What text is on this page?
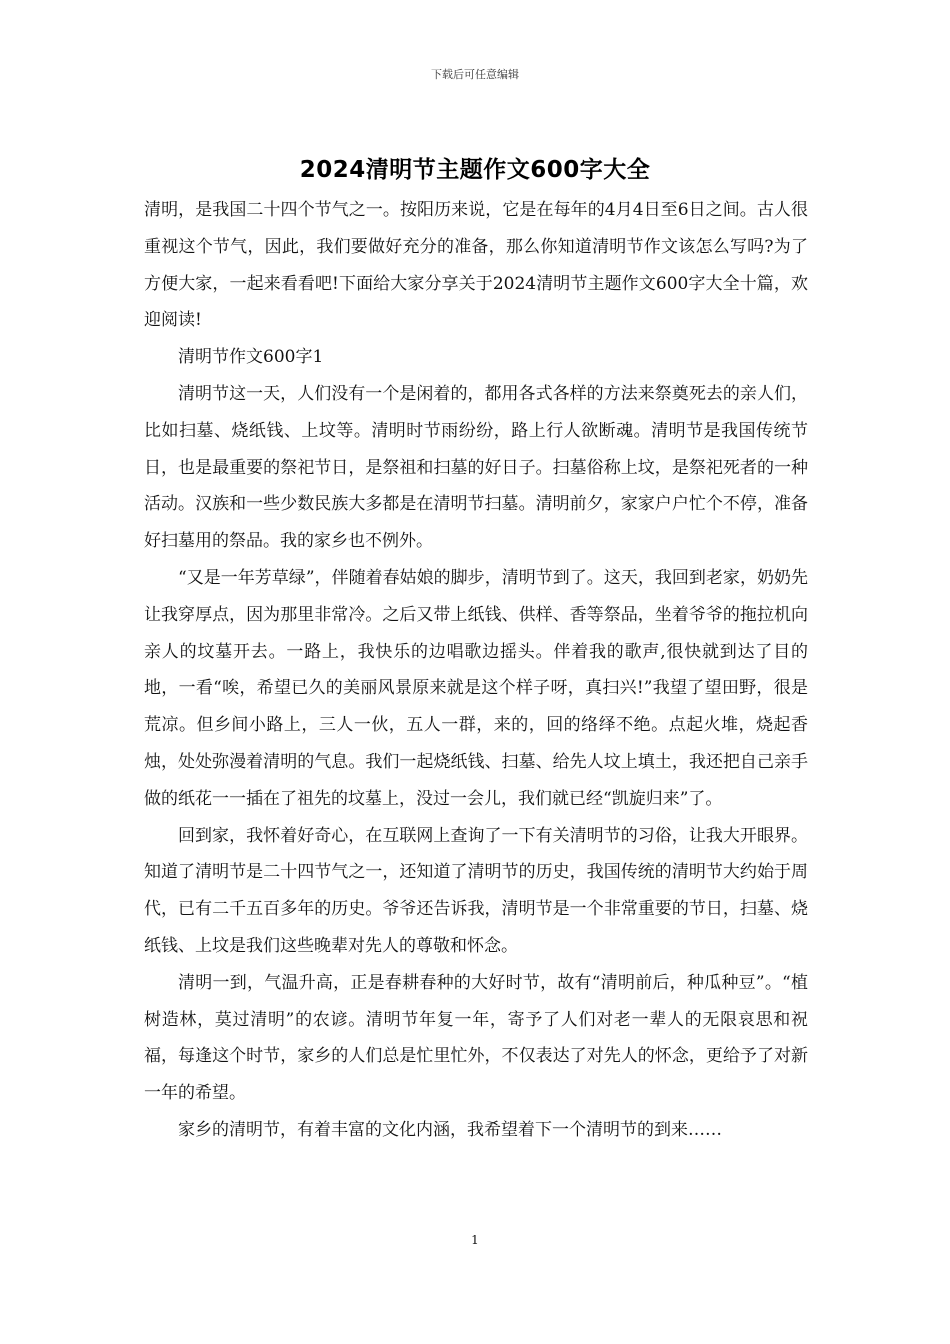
下载后可任意编辑
2024清明节主题作文600字大全

清明，是我国二十四个节气之一。按阳历来说，它是在每年的4月4日至6日之间。古人很重视这个节气，因此，我们要做好充分的准备，那么你知道清明节作文该怎么写吗?为了方便大家，一起来看看吧!下面给大家分享关于2024清明节主题作文600字大全十篇，欢迎阅读!

清明节作文600字1

清明节这一天，人们没有一个是闲着的，都用各式各样的方法来祭奠死去的亲人们，比如扫墓、烧纸钱、上坟等。清明时节雨纷纷，路上行人欲断魂。清明节是我国传统节日，也是最重要的祭祀节日，是祭祖和扫墓的好日子。扫墓俗称上坟，是祭祀死者的一种活动。汉族和一些少数民族大多都是在清明节扫墓。清明前夕，家家户户忙个不停，准备好扫墓用的祭品。我的家乡也不例外。

“又是一年芳草绿”，伴随着春姑娘的脚步，清明节到了。这天，我回到老家，奶奶先让我穿厚点，因为那里非常冷。之后又带上纸钱、供样、香等祭品，坐着爷爷的拖拉机向亲人的坟墓开去。一路上，我快乐的边唱歌边摇头。伴着我的歌声,很快就到达了目的地，一看“唉，希望已久的美丽风景原来就是这个样子呀，真扫兴!”我望了望田野，很是荒凉。但乡间小路上，三人一伙，五人一群，来的，回的络绎不绝。点起火堆，烧起香烛，处处弥漫着清明的气息。我们一起烧纸钱、扫墓、给先人坟上填土，我还把自己亲手做的纸花一一插在了祖先的坟墓上，没过一会儿，我们就已经“凯旋归来”了。

回到家，我怀着好奇心，在互联网上查询了一下有关清明节的习俗，让我大开眼界。知道了清明节是二十四节气之一，还知道了清明节的历史，我国传统的清明节大约始于周代，已有二千五百多年的历史。爷爷还告诉我，清明节是一个非常重要的节日，扫墓、烧纸钱、上坟是我们这些晚辈对先人的尊敬和怀念。

清明一到，气温升高，正是春耕春种的大好时节，故有“清明前后，种瓜种豆”。“植树造林，莫过清明”的农谚。清明节年复一年，寄予了人们对老一辈人的无限哀思和祝福，每逢这个时节，家乡的人们总是忙里忙外，不仅表达了对先人的怀念，更给予了对新一年的希望。

家乡的清明节，有着丰富的文化内涵，我希望着下一个清明节的到来……

1
